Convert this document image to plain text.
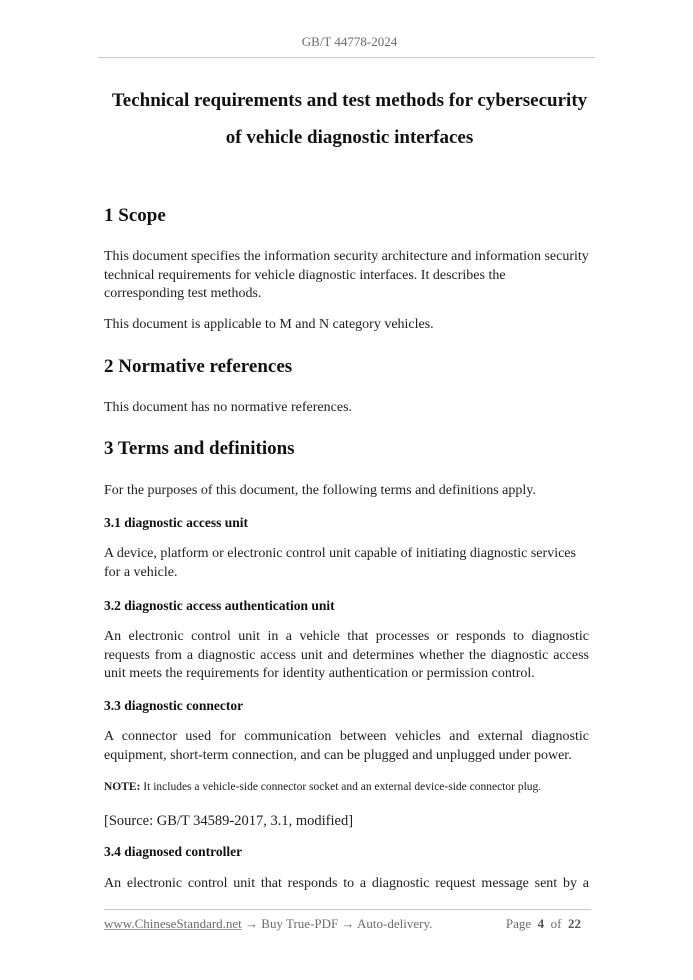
GB/T 44778-2024
Technical requirements and test methods for cybersecurity
of vehicle diagnostic interfaces
1 Scope

This document specifies the information security architecture and information security technical requirements for vehicle diagnostic interfaces. It describes the corresponding test methods.

This document is applicable to M and N category vehicles.

2 Normative references

This document has no normative references.

3 Terms and definitions

For the purposes of this document, the following terms and definitions apply.

3.1 diagnostic access unit

A device, platform or electronic control unit capable of initiating diagnostic services for a vehicle.

3.2 diagnostic access authentication unit

An electronic control unit in a vehicle that processes or responds to diagnostic requests from a diagnostic access unit and determines whether the diagnostic access unit meets the requirements for identity authentication or permission control.

3.3 diagnostic connector

A connector used for communication between vehicles and external diagnostic equipment, short-term connection, and can be plugged and unplugged under power.

NOTE: It includes a vehicle-side connector socket and an external device-side connector plug.

[Source: GB/T 34589-2017, 3.1, modified]

3.4 diagnosed controller

An electronic control unit that responds to a diagnostic request message sent by a

www.ChineseStandard.net → Buy True-PDF → Auto-delivery.	Page 4 of 22
